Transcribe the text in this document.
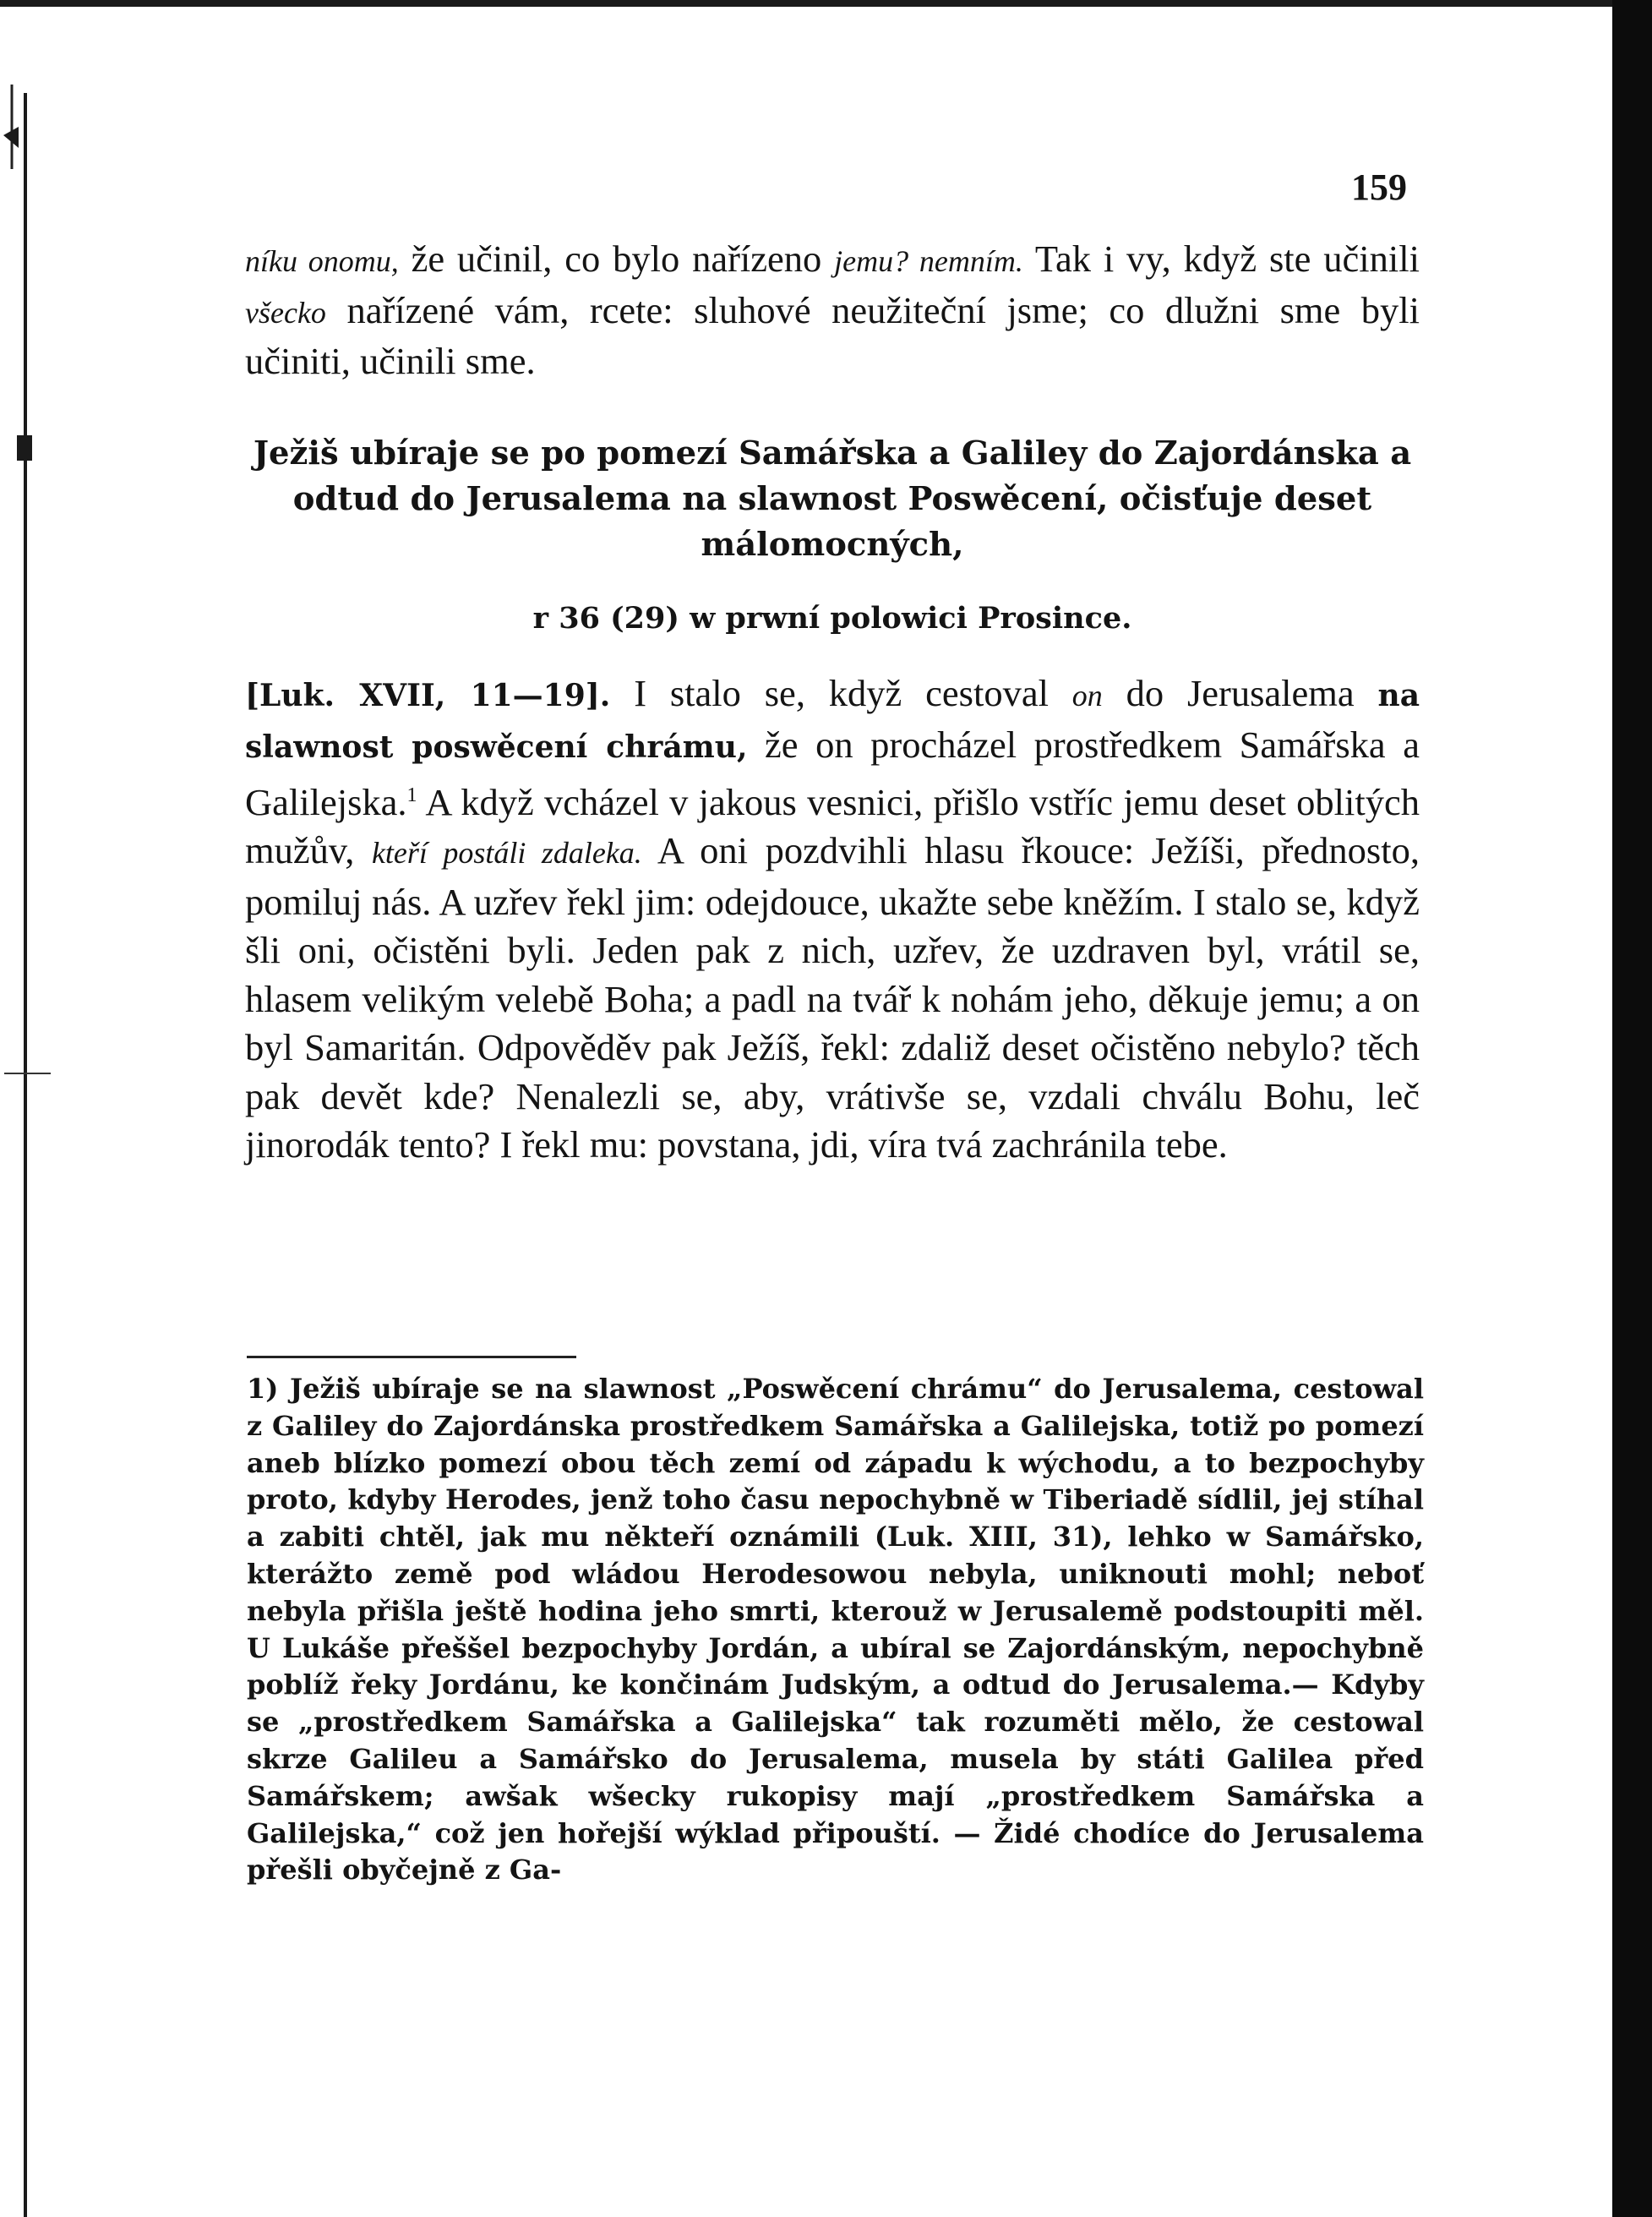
159

níku onomu, že učinil, co bylo nařízeno jemu? nemním. Tak i vy, když ste učinili všecko nařízené vám, rcete: sluhové neužiteční jsme; co dlužni sme byli učiniti, učinili sme.

Ježiš ubíraje se po pomezí Samářska a Galiley do Zajordánska a odtud do Jerusalema na slawnost Poswěcení, očisťuje deset málomocných,
r 36 (29) w prwní polowici Prosince.

[Luk. XVII, 11—19]. I stalo se, když cestoval on do Jerusalema na slawnost poswěcení chrámu, že on procházel prostředkem Samářska a Galilejska.$^1$ A když vcházel v jakous vesnici, přišlo vstříc jemu deset oblitých mužův, kteří postáli zdaleka. A oni pozdvihli hlasu řkouce: Ježíši, přednosto, pomiluj nás. A uzřev řekl jim: odejdouce, ukažte sebe kněžím. I stalo se, když šli oni, očistěni byli. Jeden pak z nich, uzřev, že uzdraven byl, vrátil se, hlasem velikým velebě Boha; a padl na tvář k nohám jeho, děkuje jemu; a on byl Samaritán. Odpověděv pak Ježíš, řekl: zdaliž deset očistěno nebylo? těch pak devět kde? Nenalezli se, aby, vrátivše se, vzdali chválu Bohu, leč jinorodák tento? I řekl mu: povstana, jdi, víra tvá zachránila tebe.

1) Ježiš ubíraje se na slawnost „Poswěcení chrámu“ do Jerusalema, cestowal z Galiley do Zajordánska prostředkem Samářska a Galilejska, totiž po pomezí aneb blízko pomezí obou těch zemí od západu k wýchodu, a to bezpochyby proto, kdyby Herodes, jenž toho času nepochybně w Tiberiadě sídlil, jej stíhal a zabiti chtěl, jak mu někteří oznámili (Luk. XIII, 31), lehko w Samářsko, kterážto země pod wládou Herodesowou nebyla, uniknouti mohl; neboť nebyla přišla ještě hodina jeho smrti, kterouž w Jerusalemě podstoupiti měl. U Lukáše přeššel bezpochyby Jordán, a ubíral se Zajordánským, nepochybně poblíž řeky Jordánu, ke končinám Judským, a odtud do Jerusalema.— Kdyby se „prostředkem Samářska a Galilejska“ tak rozuměti mělo, že cestowal skrze Galileu a Samářsko do Jerusalema, musela by státi Galilea před Samářskem; awšak wšecky rukopisy mají „prostředkem Samářska a Galilejska,“ což jen hořejší wýklad připouští. — Židé chodíce do Jerusalema přešli obyčejně z Ga-
